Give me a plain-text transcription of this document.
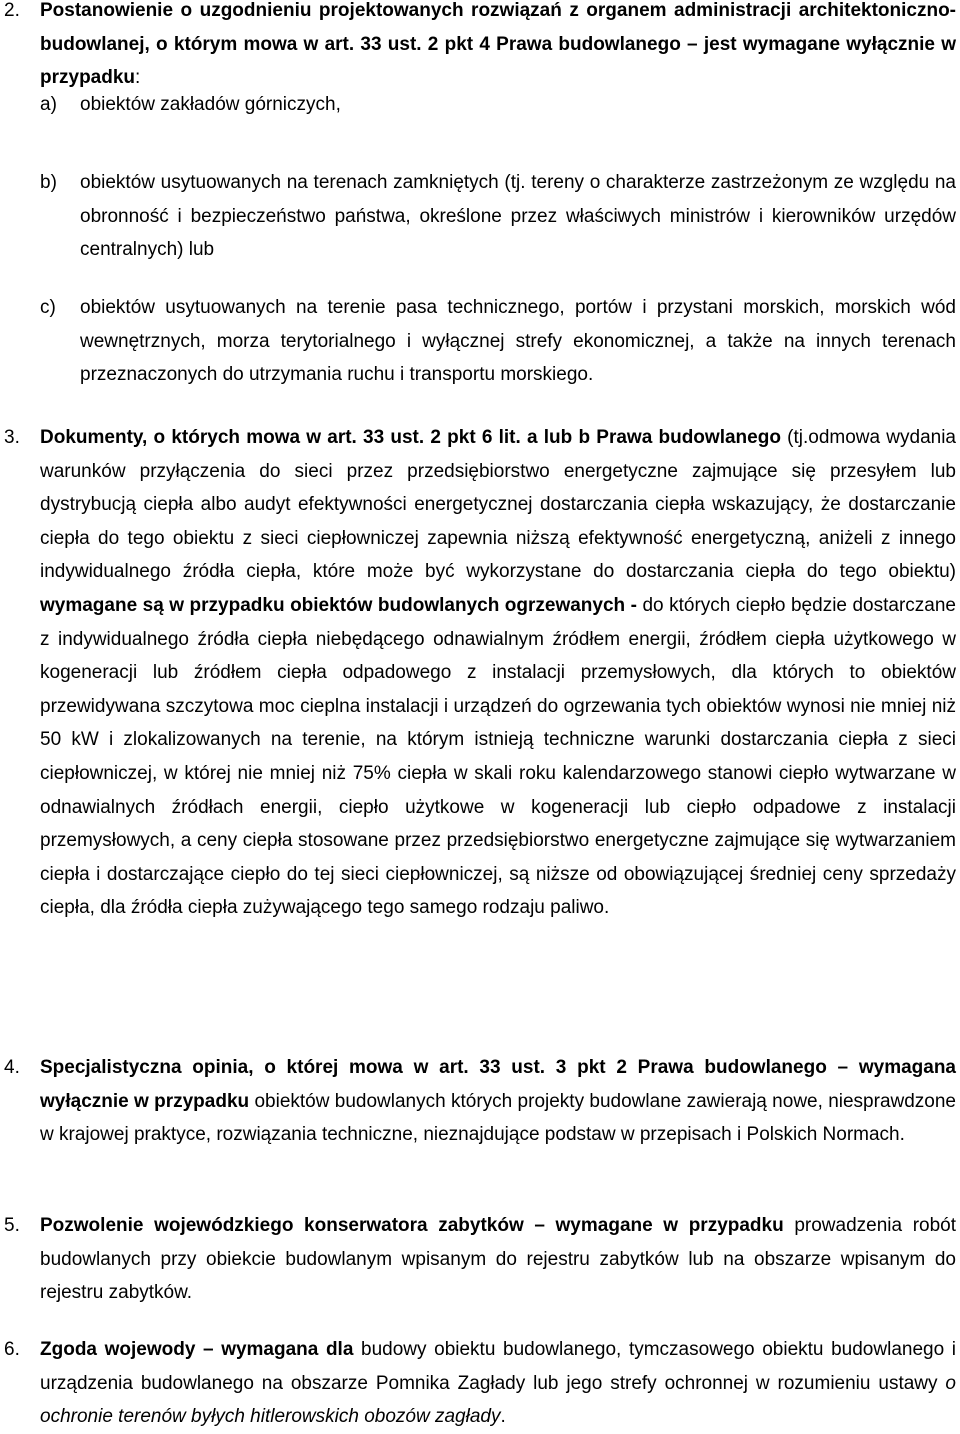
2. Postanowienie o uzgodnieniu projektowanych rozwiązań z organem administracji architektoniczno-budowlanej, o którym mowa w art. 33 ust. 2 pkt 4 Prawa budowlanego – jest wymagane wyłącznie w przypadku:
a) obiektów zakładów górniczych,
b) obiektów usytuowanych na terenach zamkniętych (tj. tereny o charakterze zastrzeżonym ze względu na obronność i bezpieczeństwo państwa, określone przez właściwych ministrów i kierowników urzędów centralnych) lub
c) obiektów usytuowanych na terenie pasa technicznego, portów i przystani morskich, morskich wód wewnętrznych, morza terytorialnego i wyłącznej strefy ekonomicznej, a także na innych terenach przeznaczonych do utrzymania ruchu i transportu morskiego.
3. Dokumenty, o których mowa w art. 33 ust. 2 pkt 6 lit. a lub b Prawa budowlanego (tj.odmowa wydania warunków przyłączenia do sieci przez przedsiębiorstwo energetyczne zajmujące się przesyłem lub dystrybucją ciepła albo audyt efektywności energetycznej dostarczania ciepła wskazujący, że dostarczanie ciepła do tego obiektu z sieci ciepłowniczej zapewnia niższą efektywność energetyczną, aniżeli z innego indywidualnego źródła ciepła, które może być wykorzystane do dostarczania ciepła do tego obiektu) wymagane są w przypadku obiektów budowlanych ogrzewanych - do których ciepło będzie dostarczane z indywidualnego źródła ciepła niebędącego odnawialnym źródłem energii, źródłem ciepła użytkowego w kogeneracji lub źródłem ciepła odpadowego z instalacji przemysłowych, dla których to obiektów przewidywana szczytowa moc cieplna instalacji i urządzeń do ogrzewania tych obiektów wynosi nie mniej niż 50 kW i zlokalizowanych na terenie, na którym istnieją techniczne warunki dostarczania ciepła z sieci ciepłowniczej, w której nie mniej niż 75% ciepła w skali roku kalendarzowego stanowi ciepło wytwarzane w odnawialnych źródłach energii, ciepło użytkowe w kogeneracji lub ciepło odpadowe z instalacji przemysłowych, a ceny ciepła stosowane przez przedsiębiorstwo energetyczne zajmujące się wytwarzaniem ciepła i dostarczające ciepło do tej sieci ciepłowniczej, są niższe od obowiązującej średniej ceny sprzedaży ciepła, dla źródła ciepła zużywającego tego samego rodzaju paliwo.
4. Specjalistyczna opinia, o której mowa w art. 33 ust. 3 pkt 2 Prawa budowlanego – wymagana wyłącznie w przypadku obiektów budowlanych których projekty budowlane zawierają nowe, niesprawdzone w krajowej praktyce, rozwiązania techniczne, nieznajdujące podstaw w przepisach i Polskich Normach.
5. Pozwolenie wojewódzkiego konserwatora zabytków – wymagane w przypadku prowadzenia robót budowlanych przy obiekcie budowlanym wpisanym do rejestru zabytków lub na obszarze wpisanym do rejestru zabytków.
6. Zgoda wojewody – wymagana dla budowy obiektu budowlanego, tymczasowego obiektu budowlanego i urządzenia budowlanego na obszarze Pomnika Zagłady lub jego strefy ochronnej w rozumieniu ustawy o ochronie terenów byłych hitlerowskich obozów zagłady.
